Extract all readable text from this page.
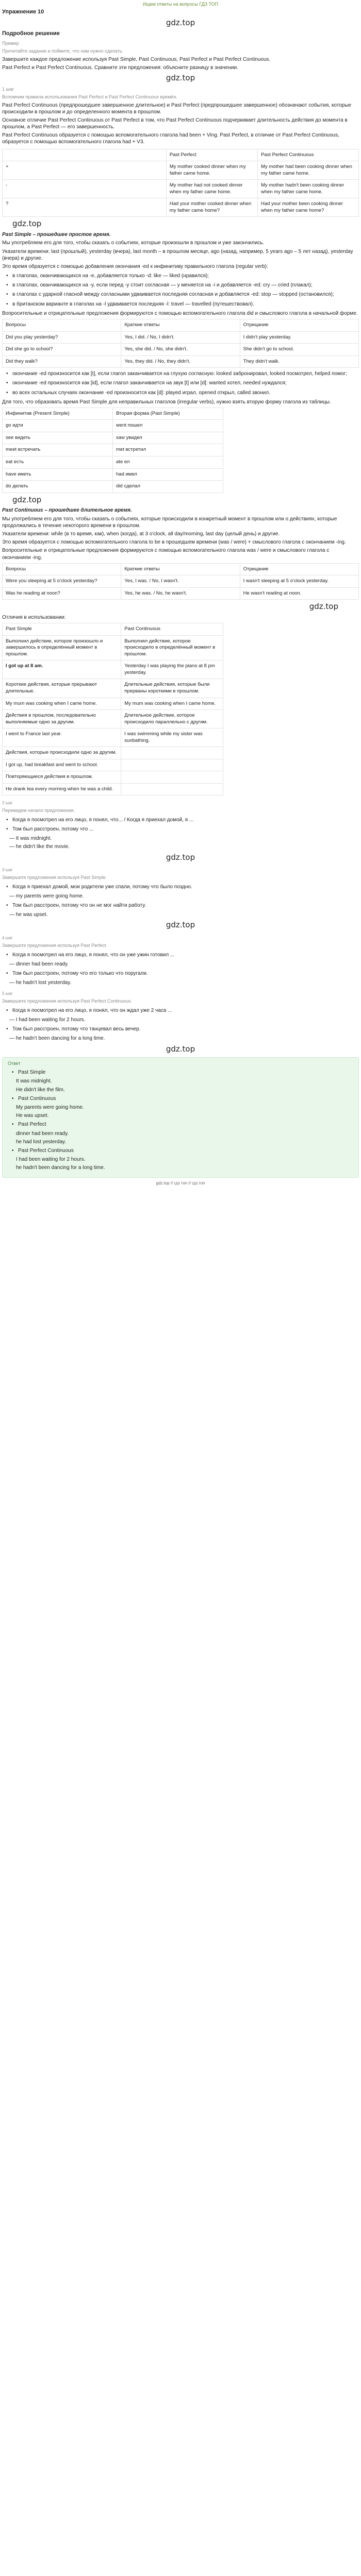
Ищем ответы на вопросы ГДЗ ТОП
Упражнение 10
gdz.top
Подробное решение
Пример

Прочитайте задание и поймите, что нам нужно сделать.

Завершите каждое предложение используя Past Simple, Past Continuous, Past Perfect и Past Perfect Continuous.

Past Perfect и Past Perfect Continuous. Сравните эти предложения: объясните разницу в значении.

gdz.top
1 шаг

Вспомним правила использования Past Perfect и Past Perfect Continuous времён.

Past Perfect Continuous (предпрошедшее завершенное длительное) и Past Perfect (предпрошедшее завершенное) обозначают события, которые происходили в прошлом и до определенного момента в прошлом.

Основное отличие Past Perfect Continuous от Past Perfect в том, что Past Perfect Continuous подчеркивает длительность действия до момента в прошлом, а Past Perfect — его завершенность.

Past Perfect Continuous образуется с помощью вспомогательного глагола had been + Ving. Past Perfect, в отличие от Past Perfect Continuous, образуется с помощью вспомогательного глагола had + V3.

	Past Perfect	Past Perfect Continuous
+	My mother cooked dinner when my father came home.	My mother had been cooking dinner when my father came home.
-	My mother had not cooked dinner when my father came home.	My mother hadn't been cooking dinner when my father came home.
?	Had your mother cooked dinner when my father came home?	Had your mother been cooking dinner when my father came home?
gdz.top

Past Simple – прошедшее простое время.

Мы употребляем его для того, чтобы сказать о событиях, которые произошли в прошлом и уже закончились.

Указатели времени: last (прошлый), yesterday (вчера), last month – в прошлом месяце, ago (назад, например, 5 years ago – 5 лет назад), yesterday (вчера) и другие.

Это время образуется с помощью добавления окончания -ed к инфинитиву правильного глагола (regular verb):

• в глаголах, оканчивающихся на -e, добавляется только -d: like — liked (нравился);
• в глаголах, оканчивающихся на -y, если перед -y стоит согласная — y меняется на -i и добавляется -ed: cry — cried (плакал);
• в глаголах с ударной гласной между согласными удваивается последняя согласная и добавляется -ed: stop — stopped (остановился);
• в британском варианте в глаголах на -l удваивается последняя -l: travel — travelled (путешествовал).

Вопросительные и отрицательные предложения формируются с помощью вспомогательного глагола did и смыслового глагола в начальной форме.

Вопросы	Краткие ответы	Отрицание
Did you play yesterday?	Yes, I did. / No, I didn't.	I didn't play yesterday.
Did she go to school?	Yes, she did. / No, she didn't.	She didn't go to school.
Did they walk?	Yes, they did. / No, they didn't.	They didn't walk.
• окончание -ed произносится как [t], если глагол заканчивается на глухую согласную: looked забронировал, looked посмотрел, helped помог;
• окончание -ed произносится как [id], если глагол заканчивается на звук [t] или [d]: wanted хотел, needed нуждался;
• во всех остальных случаях окончание -ed произносится как [d]: played играл, opened открыл, called звонил.

Для того, что образовать время Past Simple для неправильных глаголов (irregular verbs), нужно взять вторую форму глагола из таблицы.

Инфинитив (Present Simple)	Вторая форма (Past Simple)
go идти	went пошел
see видеть	saw увидел
meet встречать	met встретил
eat есть	ate ел
have иметь	had имел
do делать	did сделал
gdz.top

Past Continuous – прошедшее длительное время.

Мы употребляем его для того, чтобы сказать о событиях, которые происходили в конкретный момент в прошлом или о действиях, которые продолжались в течение некоторого времени в прошлом.

Указатели времени: while (в то время, как), when (когда), at 3 o'clock, all day/morning, last day (целый день) и другие.

Это время образуется с помощью вспомогательного глагола to be в прошедшем времени (was / were) + смыслового глагола с окончанием -ing.

Вопросительные и отрицательные предложения формируются с помощью вспомогательного глагола was / were и смыслового глагола с окончанием -ing.

Вопросы	Краткие ответы	Отрицание
Were you sleeping at 5 o'clock yesterday?	Yes, I was. / No, I wasn't.	I wasn't sleeping at 5 o'clock yesterday.
Was he reading at noon?	Yes, he was. / No, he wasn't.	He wasn't reading at noon.
gdz.top

Отличия в использовании:

Past Simple	Past Continuous
Выполнил действие, которое произошло и завершилось в определённый момент в прошлом.	Выполнял действие, которое происходило в определённый момент в прошлом.
I got up at 8 am.	Yesterday I was playing the piano at 8 pm yesterday.
Короткие действия, которые прерывают длительные.	Длительные действия, которые были прерваны короткими в прошлом.
My mum was cooking when I came home.	My mum was cooking when I came home.
Действия в прошлом, последовательно выполняемые одно за другим.	Длительное действие, которое происходило параллельно с другим.
I went to France last year.	I was swimming while my sister was sunbathing.
Действия, которые происходили одно за другим.	
I got up, had breakfast and went to school.	
Повторяющиеся действия в прошлом.	
He drank tea every morning when he was a child.	
2 шаг

Переведем начало предложения.

• Когда я посмотрел на его лицо, я понял, что... / Когда я приехал домой, я ...
• Том был расстроен, потому что ...

— It was midnight.

— he didn't like the movie.

gdz.top
3 шаг

Завершите предложения используя Past Simple.

• Когда я приехал домой, мои родители уже спали, потому что было поздно.

— my parents were going home.

• Том был расстроен, потому что он не мог найти работу.

— he was upset.

gdz.top
4 шаг

Завершите предложения используя Past Perfect.

• Когда я посмотрел на его лицо, я понял, что он уже ужин готовил ...

— dinner had been ready.

• Том был расстроен, потому что его только что поругали.

— he hadn't lost yesterday.

5 шаг

Завершите предложения используя Past Perfect Continuous.

• Когда я посмотрел на его лицо, я понял, что он ждал уже 2 часа ...

— I had been waiting for 2 hours.

• Том был расстроен, потому что танцевал весь вечер.

— he hadn't been dancing for a long time.

gdz.top
Ответ
• Past Simple

It was midnight.

He didn't like the film.

• Past Continuous

My parents were going home.

He was upset.

• Past Perfect

dinner had been ready.

he had lost yesterday.

• Past Perfect Continuous

I had been waiting for 2 hours.

he hadn't been dancing for a long time.

gdz.top // гдз топ // гдз.топ
